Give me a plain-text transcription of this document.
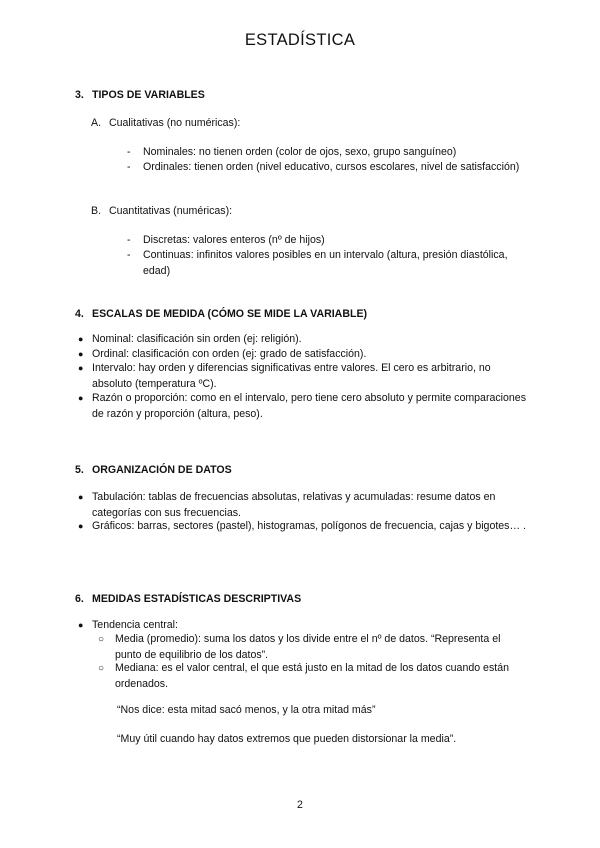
ESTADÍSTICA
3. TIPOS DE VARIABLES
A. Cualitativas (no numéricas):
- Nominales: no tienen orden (color de ojos, sexo, grupo sanguíneo)
- Ordinales: tienen orden (nivel educativo, cursos escolares, nivel de satisfacción)
B. Cuantitativas (numéricas):
- Discretas: valores enteros (nº de hijos)
- Continuas: infinitos valores posibles en un intervalo (altura, presión diastólica, edad)
4. ESCALAS DE MEDIDA (CÓMO SE MIDE LA VARIABLE)
● Nominal: clasificación sin orden (ej: religión).
● Ordinal: clasificación con orden (ej: grado de satisfacción).
● Intervalo: hay orden y diferencias significativas entre valores. El cero es arbitrario, no absoluto (temperatura ºC).
● Razón o proporción: como en el intervalo, pero tiene cero absoluto y permite comparaciones de razón y proporción (altura, peso).
5. ORGANIZACIÓN DE DATOS
● Tabulación: tablas de frecuencias absolutas, relativas y acumuladas: resume datos en categorías con sus frecuencias.
● Gráficos: barras, sectores (pastel), histogramas, polígonos de frecuencia, cajas y bigotes… .
6. MEDIDAS ESTADÍSTICAS DESCRIPTIVAS
● Tendencia central:
○ Media (promedio): suma los datos y los divide entre el nº de datos. “Representa el punto de equilibrio de los datos”.
○ Mediana: es el valor central, el que está justo en la mitad de los datos cuando están ordenados.
“Nos dice: esta mitad sacó menos, y la otra mitad más”
“Muy útil cuando hay datos extremos que pueden distorsionar la media”.
2
